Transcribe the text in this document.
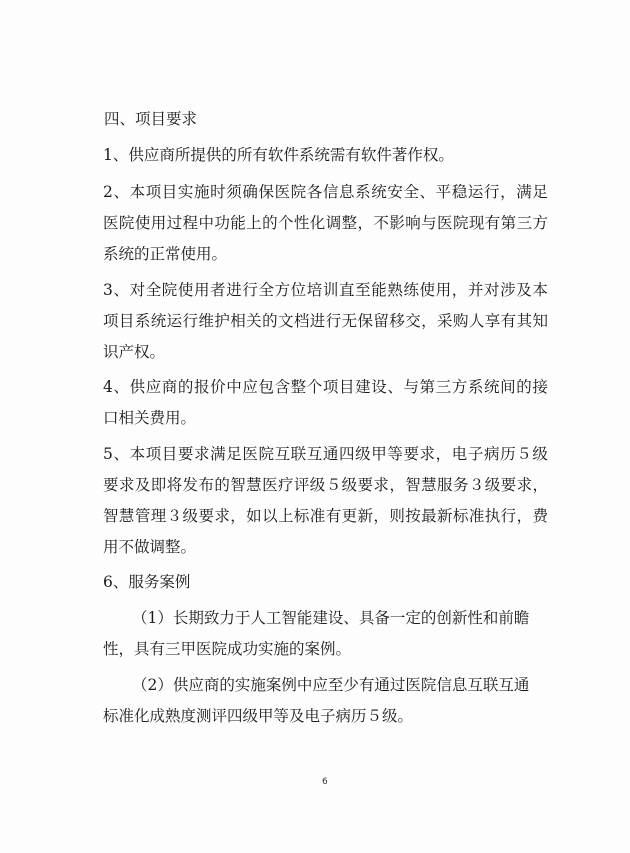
四、项目要求
1、供应商所提供的所有软件系统需有软件著作权。
2 、 本 项 目 实 施 时 须 确 保 医 院 各 信 息 系 统 安 全 、 平 稳 运 行 ， 满 足
医 院 使 用 过 程 中 功 能 上 的 个 性 化 调 整 ， 不 影 响 与 医 院 现 有 第 三 方
系统的正常使用。
3 、 对 全 院 使 用 者 进 行 全 方 位 培 训 直 至 能 熟 练 使 用 ， 并 对 涉 及 本
项 目 系 统 运 行 维 护 相 关 的 文 档 进 行 无 保 留 移 交 ， 采 购 人 享 有 其 知
识产权。
4 、 供 应 商 的 报 价 中 应 包 含 整 个 项 目 建 设 、 与 第 三 方 系 统 间 的 接
口相关费用。
5 、 本 项 目 要 求 满 足 医 院 互 联 互 通 四 级 甲 等 要 求 ， 电 子 病 历 ５ 级
要 求 及 即 将 发 布 的 智 慧 医 疗 评 级 ５ 级 要 求 ， 智 慧 服 务 ３ 级 要 求 ，
智 慧 管 理 ３ 级 要 求 ， 如 以 上 标 准 有 更 新 ， 则 按 最 新 标 准 执 行 ， 费
用不做调整。
6、服务案例
（1）长期致力于人工智能建设、具备一定的创新性和前瞻
性，具有三甲医院成功实施的案例。
（2）供应商的实施案例中应至少有通过医院信息互联互通
标准化成熟度测评四级甲等及电子病历５级。
6
